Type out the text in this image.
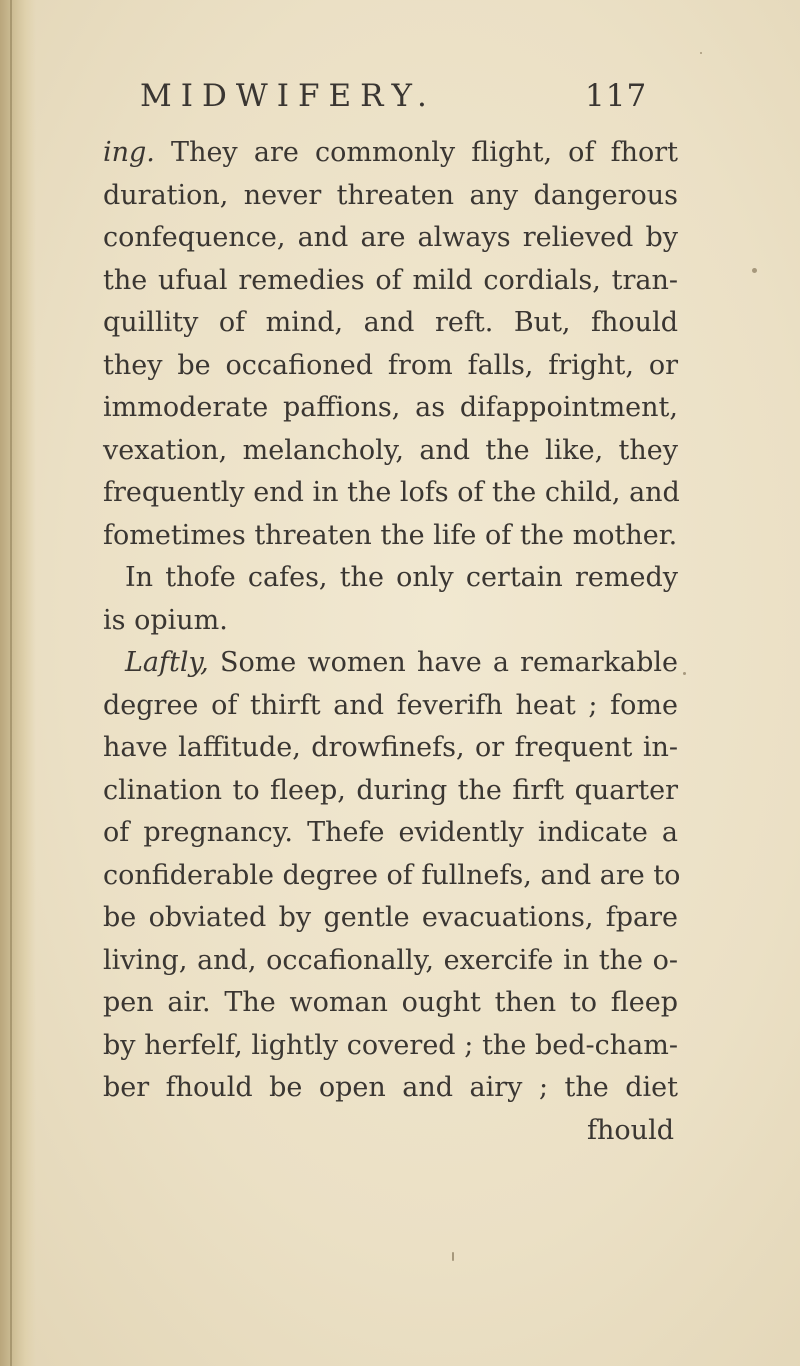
MIDWIFERY.	117
ing. They are commonly flight, of fhort
duration, never threaten any dangerous
confequence, and are always relieved by
the ufual remedies of mild cordials, tran-
quillity of mind, and reft. But, fhould
they be occafioned from falls, fright, or
immoderate paffions, as difappointment,
vexation, melancholy, and the like, they
frequently end in the lofs of the child, and
fometimes threaten the life of the mother.
In thofe cafes, the only certain remedy
is opium.
Laftly, Some women have a remarkable
degree of thirft and feverifh heat ; fome
have laffitude, drowfinefs, or frequent in-
clination to fleep, during the firft quarter
of pregnancy. Thefe evidently indicate a
confiderable degree of fullnefs, and are to
be obviated by gentle evacuations, fpare
living, and, occafionally, exercife in the o-
pen air. The woman ought then to fleep
by herfelf, lightly covered ; the bed-cham-
ber fhould be open and airy ; the diet
fhould
